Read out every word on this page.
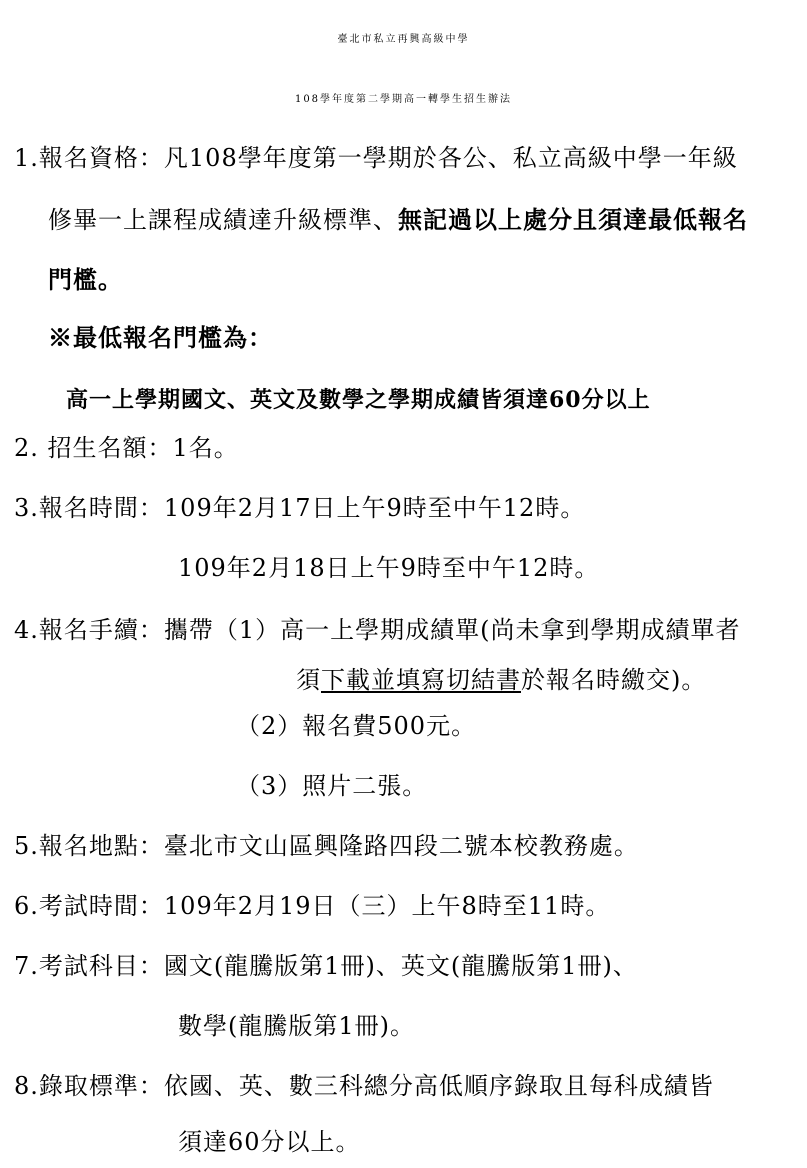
臺北市私立再興高級中學
108學年度第二學期高一轉學生招生辦法
1.報名資格：凡108學年度第一學期於各公、私立高級中學一年級
修畢一上課程成績達升級標準、無記過以上處分且須達最低報名
門檻。
※最低報名門檻為：
高一上學期國文、英文及數學之學期成績皆須達60分以上
2. 招生名額：1名。
3.報名時間：109年2月17日上午9時至中午12時。
109年2月18日上午9時至中午12時。
4.報名手續：攜帶（1）高一上學期成績單(尚未拿到學期成績單者
須下載並填寫切結書於報名時繳交)。
（2）報名費500元。
（3）照片二張。
5.報名地點：臺北市文山區興隆路四段二號本校教務處。
6.考試時間：109年2月19日（三）上午8時至11時。
7.考試科目：國文(龍騰版第1冊)、英文(龍騰版第1冊)、
數學(龍騰版第1冊)。
8.錄取標準：依國、英、數三科總分高低順序錄取且每科成績皆
須達60分以上。
